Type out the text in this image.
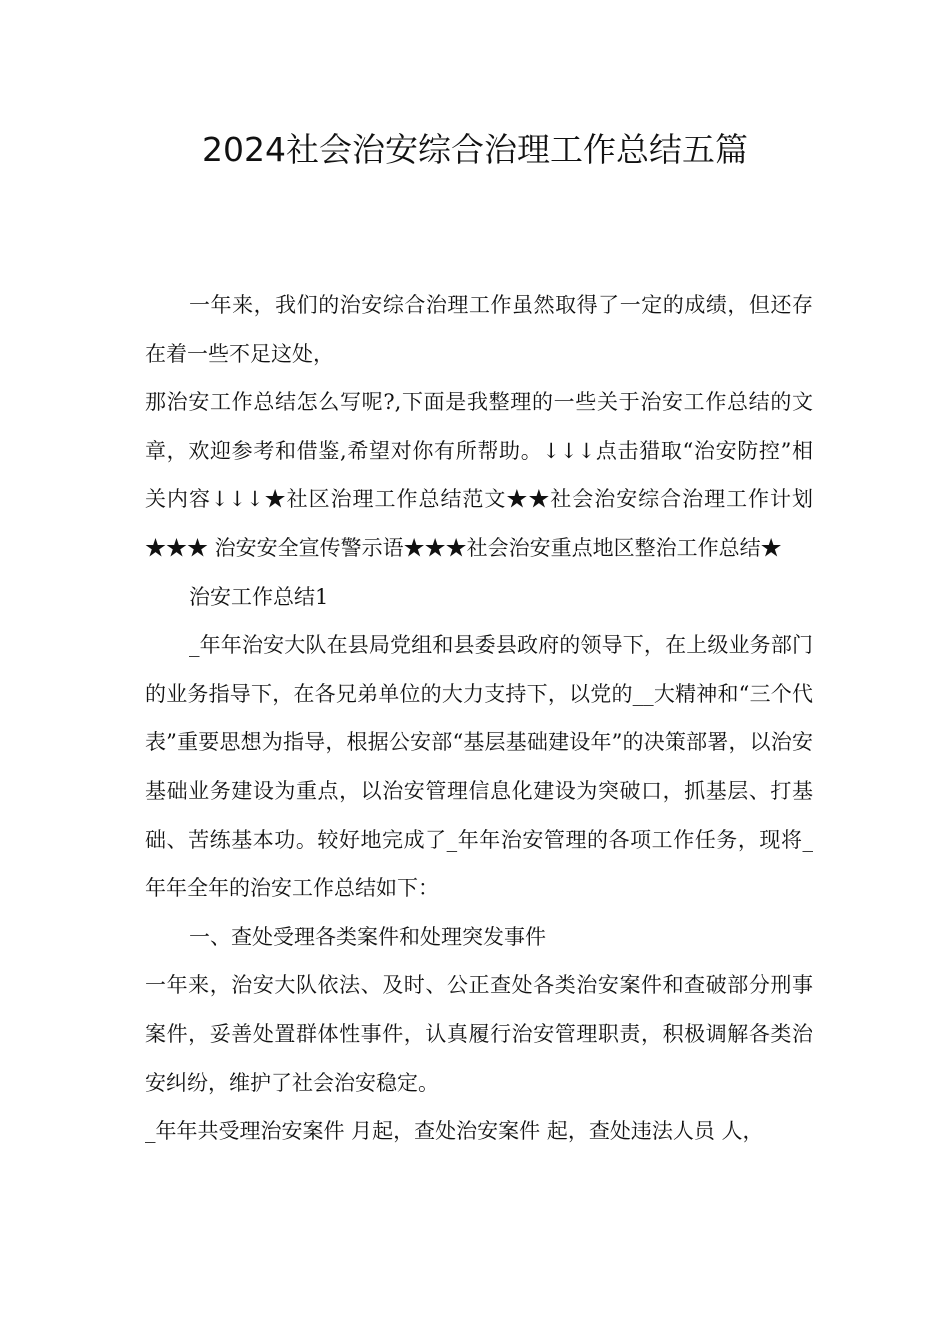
2024社会治安综合治理工作总结五篇

一年来，我们的治安综合治理工作虽然取得了一定的成绩，但还存在着一些不足这处，

那治安工作总结怎么写呢?,下面是我整理的一些关于治安工作总结的文章，欢迎参考和借鉴,希望对你有所帮助。↓↓↓点击猎取“治安防控”相关内容↓↓↓★社区治理工作总结范文★★社会治安综合治理工作计划★★★ 治安安全宣传警示语★★★社会治安重点地区整治工作总结★

治安工作总结1

_年年治安大队在县局党组和县委县政府的领导下，在上级业务部门的业务指导下，在各兄弟单位的大力支持下，以党的__大精神和“三个代表”重要思想为指导，根据公安部“基层基础建设年”的决策部署，以治安基础业务建设为重点，以治安管理信息化建设为突破口，抓基层、打基础、苦练基本功。较好地完成了_年年治安管理的各项工作任务，现将_年年全年的治安工作总结如下：

一、查处受理各类案件和处理突发事件

一年来，治安大队依法、及时、公正查处各类治安案件和查破部分刑事案件，妥善处置群体性事件，认真履行治安管理职责，积极调解各类治安纠纷，维护了社会治安稳定。

_年年共受理治安案件 月起，查处治安案件 起，查处违法人员 人，
